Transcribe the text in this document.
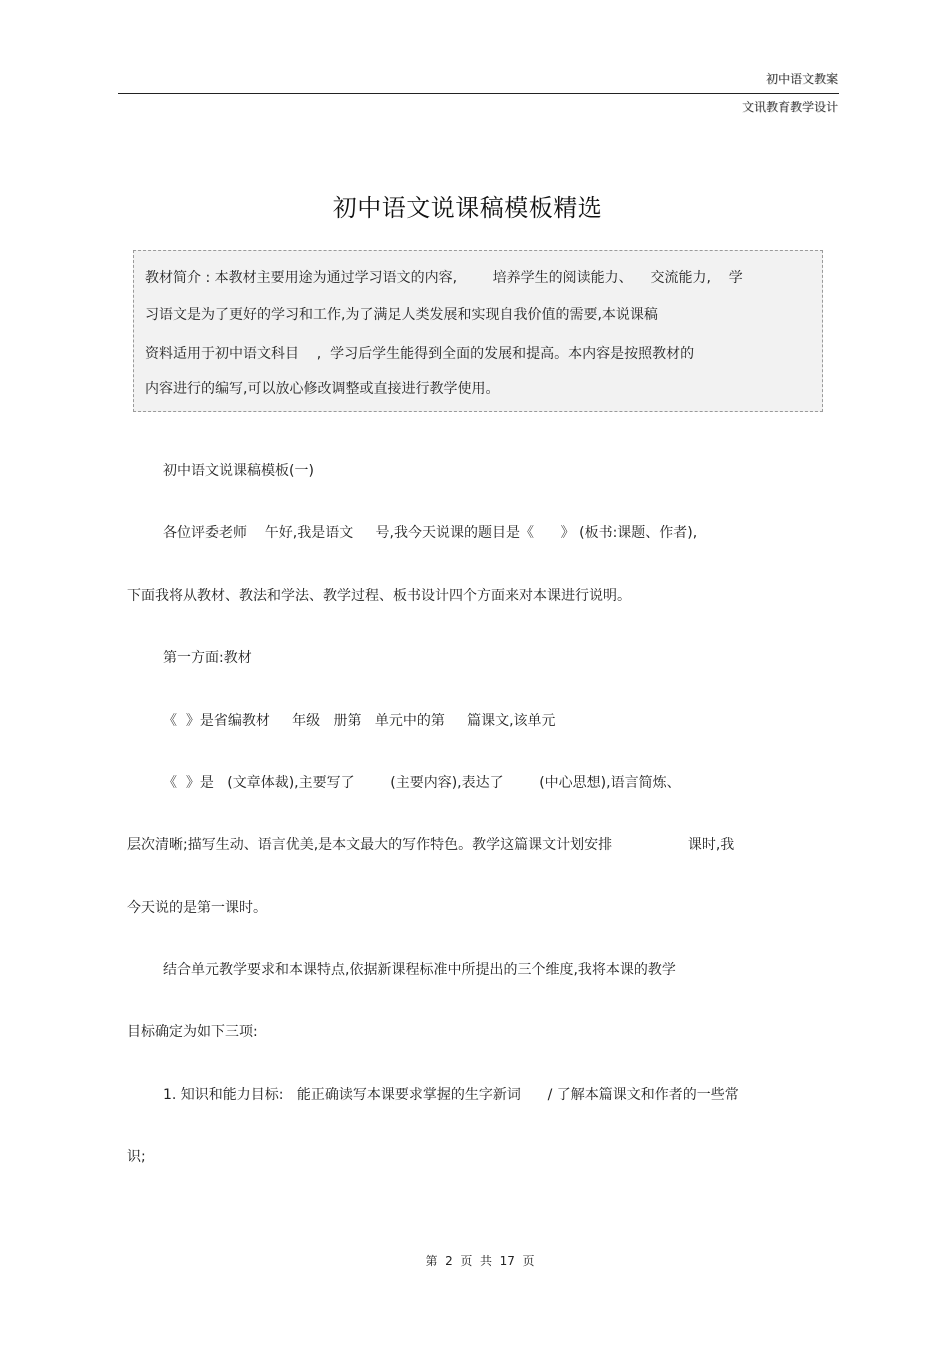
初中语文教案
文讯教育教学设计
初中语文说课稿模板精选
教材简介 : 本教材主要用途为通过学习语文的内容,        培养学生的阅读能力、    交流能力,    学
习语文是为了更好的学习和工作,为了满足人类发展和实现自我价值的需要,本说课稿
资料适用于初中语文科目    ,  学习后学生能得到全面的发展和提高。本内容是按照教材的
内容进行的编写,可以放心修改调整或直接进行教学使用。
初中语文说课稿模板(一)
各位评委老师    午好,我是语文     号,我今天说课的题目是《      》 (板书:课题、作者),
下面我将从教材、教法和学法、教学过程、板书设计四个方面来对本课进行说明。
第一方面:教材
《  》是省编教材     年级   册第   单元中的第     篇课文,该单元
《  》是   (文章体裁),主要写了        (主要内容),表达了        (中心思想),语言简炼、
层次清晰;描写生动、语言优美,是本文最大的写作特色。教学这篇课文计划安排                 课时,我
今天说的是第一课时。
结合单元教学要求和本课特点,依据新课程标准中所提出的三个维度,我将本课的教学
目标确定为如下三项:
1. 知识和能力目标:   能正确读写本课要求掌握的生字新词      / 了解本篇课文和作者的一些常
识;
第  2  页  共  17  页
